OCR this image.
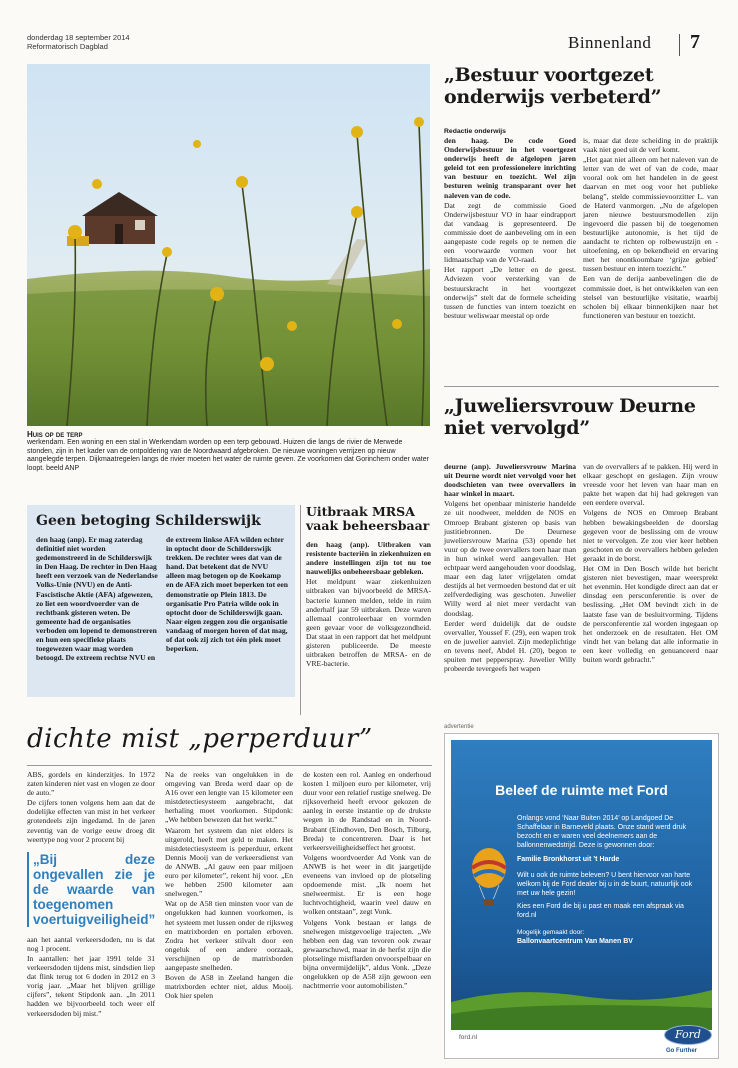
donderdag 18 september 2014
Reformatorisch Dagblad	Binnenland 7
Huis op de terp
werkendam. Een woning en een stal in Werkendam worden op een terp gebouwd. Huizen die langs de rivier de Merwede stonden, zijn in het kader van de ontpoldering van de Noordwaard afgebroken. De nieuwe woningen verrijzen op nieuw aangelegde terpen. Dijkmaatregelen langs de rivier moeten het water de ruimte geven. Ze voorkomen dat Gorinchem onder water loopt. beeld ANP
„Bestuur voortgezet onderwijs verbeterd”
Redactie onderwijs

den haag. De code Goed Onderwijsbestuur in het voortgezet onderwijs heeft de afgelopen jaren geleid tot een professionelere inrichting van bestuur en toezicht. Wel zijn besturen weinig transparant over het naleven van de code.

Dat zegt de commissie Goed Onderwijsbestuur VO in haar eindrapport dat vandaag is gepresenteerd. De commissie doet de aanbeveling om in een aangepaste code regels op te nemen die een voorwaarde vormen voor het lidmaatschap van de VO-raad.

Het rapport „De letter en de geest. Adviezen voor versterking van de bestuurskracht in het voortgezet onderwijs” stelt dat de formele scheiding tussen de functies van intern toezicht en bestuur weliswaar meestal op orde

is, maar dat deze scheiding in de praktijk vaak niet goed uit de verf komt.

„Het gaat niet alleen om het naleven van de letter van de wet of van de code, maar vooral ook om het handelen in de geest daarvan en met oog voor het publieke belang”, stelde commissievoorzitter L. van de Haterd vanmorgen. „Nu de afgelopen jaren nieuwe bestuursmodellen zijn ingevoerd die passen bij de toegenomen bestuurlijke autonomie, is het tijd de aandacht te richten op rolbewustzijn en -uitoefening, en op bekendheid en ervaring met het onontkoombare ‘grijze gebied’ tussen bestuur en intern toezicht.”

Een van de derija aanbevelingen die de commissie doet, is het ontwikkelen van een stelsel van bestuurlijke visitatie, waarbij scholen bij elkaar binnenkijken naar het functioneren van bestuur en toezicht.

„Juweliersvrouw Deurne niet vervolgd”

deurne (anp). Juweliersvrouw Marina uit Deurne wordt niet vervolgd voor het doodschieten van twee overvallers in haar winkel in maart.

Volgens het openbaar ministerie handelde ze uit noodweer, meldden de NOS en Omroep Brabant gisteren op basis van justitiebronnen. De Deurnese juweliersvrouw Marina (53) opende het vuur op de twee overvallers toen haar man in hun winkel werd aangevallen. Het echtpaar werd aangehouden voor doodslag, maar een dag later vrijgelaten omdat destijds al het vermoeden bestond dat er uit zelfverdediging was geschoten. Juwelier Willy werd al niet meer verdacht van doodslag.

Eerder werd duidelijk dat de oudste overvaller, Youssef F. (29), een wapen trok en de juwelier aanviel. Zijn medeplichtige en tevens neef, Abdel H. (20), begon te spuiten met pepperspray. Juwelier Willy probeerde tevergeefs het wapen

van de overvallers af te pakken. Hij werd in elkaar geschopt en geslagen. Zijn vrouw vreesde voor het leven van haar man en pakte het wapen dat hij had gekregen van een eerdere overval.

Volgens de NOS en Omroep Brabant hebben bewakingsbeelden de doorslag gegeven voor de beslissing om de vrouw niet te vervolgen. Ze zou vier keer hebben geschoten en de overvallers hebben geleden geraakt in de borst.

Het OM in Den Bosch wilde het bericht gisteren niet bevestigen, maar weersprekt het evenmin. Het kondigde direct aan dat er dinsdag een persconferentie is over de beslissing. „Het OM bevindt zich in de laatste fase van de besluitvorming. Tijdens de persconferentie zal worden ingegaan op het onderzoek en de resultaten. Het OM vindt het van belang dat alle informatie in een keer volledig en genuanceerd naar buiten wordt gebracht.”

Geen betoging Schilderswijk
den haag (anp). Er mag zaterdag definitief niet worden gedemonstreerd in de Schilderswijk in Den Haag. De rechter in Den Haag heeft een verzoek van de Nederlandse Volks-Unie (NVU) en de Anti-Fascistische Aktie (AFA) afgewezen, zo liet een woordvoerder van de rechtbank gisteren weten. De gemeente had de organisaties verboden om lopend te demonstreren en hun een specifieke plaats toegewezen waar mag worden betoogd. De extreem rechtse NVU en
de extreem linkse AFA wilden echter in optocht door de Schilderswijk trekken. De rechter wees dat van de hand. Dat betekent dat de NVU alleen mag betogen op de Koekamp en de AFA zich moet beperken tot een demonstratie op Plein 1813. De organisatie Pro Patria wilde ook in optocht door de Schilderswijk gaan. Naar eigen zeggen zou die organisatie vandaag of morgen horen of dat mag, of dat ook zij zich tot één plek moet beperken.
Uitbraak MRSA vaak beheersbaar

den haag (anp). Uitbraken van resistente bacteriën in ziekenhuizen en andere instellingen zijn tot nu toe nauwelijks onbeheersbaar gebleken.

Het meldpunt waar ziekenhuizen uitbraken van bijvoorbeeld de MRSA-bacterie kunnen melden, telde in ruim anderhalf jaar 59 uitbraken. Deze waren allemaal controleerbaar en vormden geen gevaar voor de volksgezondheid. Dat staat in een rapport dat het meldpunt gisteren publiceerde. De meeste uitbraken betroffen de MRSA- en de VRE-bacterie.

dichte mist „perperduur”

ABS, gordels en kinderzitjes. In 1972 zaten kinderen niet vast en vlogen ze door de auto.”

De cijfers tonen volgens hem aan dat de dodelijke effecten van mist in het verkeer grotendeels zijn ingedamd. In de jaren zeventig van de vorige eeuw droeg dit weertype nog voor 2 procent bij

„Bij deze ongevallen zie je de waarde van toegenomen voertuigveiligheid”

aan het aantal verkeersdoden, nu is dat nog 1 procent.

In aantallen: het jaar 1991 telde 31 verkeersdoden tijdens mist, sindsdien liep dat flink terug tot 6 doden in 2012 en 3 vorig jaar. „Maar het blijven grillige cijfers”, tekent Stipdonk aan. „In 2011 hadden we bijvoorbeeld toch weer elf verkeersdoden bij mist.”

Na de reeks van ongelukken in de omgeving van Breda werd daar op de A16 over een lengte van 15 kilometer een mistdetectiesysteem aangebracht, dat herhaling moet voorkomen. Stipdonk: „We hebben bewezen dat het werkt.”

Waarom het systeem dan niet elders is uitgerold, heeft met geld te maken. Het mistdetectiesysteem is peperduur, erkent Dennis Mooij van de verkeersdienst van de ANWB. „Al gauw een paar miljoen euro per kilometer”, rekent hij voor. „En we hebben 2500 kilometer aan snelwegen.”

Wat op de A58 tien minsten voor van de ongelukken had kunnen voorkomen, is het systeem met lussen onder de rijksweg en matrixborden en portalen erboven. Zodra het verkeer stilvalt door een ongeluk of een andere oorzaak, verschijnen op de matrixborden aangepaste snelheden.

Boven de A58 in Zeeland hangen die matrixborden echter niet, aldus Mooij. Ook hier spelen

de kosten een rol. Aanleg en onderhoud kosten 1 miljoen euro per kilometer, vrij duur voor een relatief rustige snelweg. De rijksoverheid heeft ervoor gekozen de aanleg in eerste instantie op de drukste wegen in de Randstad en in Noord-Brabant (Eindhoven, Den Bosch, Tilburg, Breda) te concentreren. Daar is het verkeersveiligheidseffect het grootst.

Volgens woordvoerder Ad Vonk van de ANWB is het weer in dit jaargetijde eveneens van invloed op de plotseling opdoemende mist. „Ik noem het snelweermist. Er is een hoge luchtvochtigheid, waarin veel dauw en wolken ontstaan”, zegt Vonk.

Volgens Vonk bestaan er langs de snelwegen mistgevoelige trajecten. „We hebben een dag van tevoren ook zwaar gewaarschuwd, maar in de herfst zijn die plotselinge mistflarden onvoorspelbaar en bijna onvermijdelijk”, aldus Vonk. „Deze ongelukken op de A58 zijn gewoon een nachtmerrie voor automobilisten.”

advertentie
Beleef de ruimte met Ford
Onlangs vond ‘Naar Buiten 2014’ op Landgoed De Schaffelaar in Barneveld plaats. Onze stand werd druk bezocht en er waren veel deelnemers aan de ballonnenwedstrijd. Deze is gewonnen door:
Familie Bronkhorst uit ’t Harde
Wilt u ook de ruimte beleven? U bent hiervoor van harte welkom bij de Ford dealer bij u in de buurt, natuurlijk ook met uw hele gezin!
Kies een Ford die bij u past en maak een afspraak via ford.nl
Mogelijk gemaakt door:
Ballonvaartcentrum Van Manen BV
ford.nl	Ford
Go Further
